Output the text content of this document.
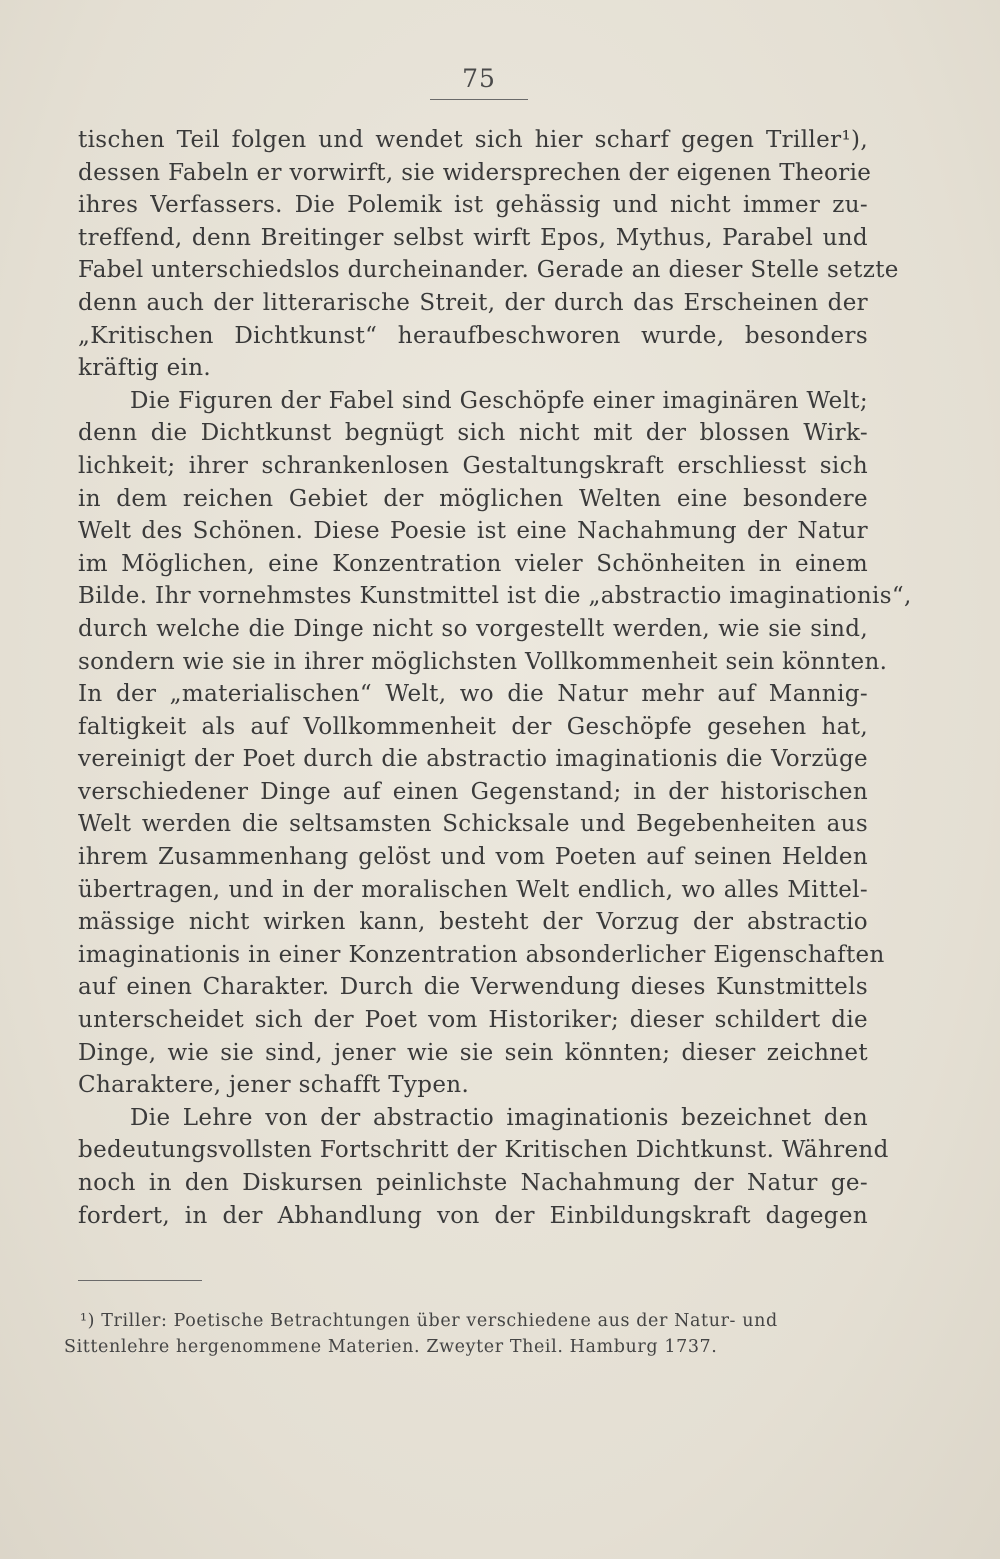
75
tischen Teil folgen und wendet sich hier scharf gegen Triller¹),
dessen Fabeln er vorwirft, sie widersprechen der eigenen Theorie
ihres Verfassers. Die Polemik ist gehässig und nicht immer zu-
treffend, denn Breitinger selbst wirft Epos, Mythus, Parabel und
Fabel unterschiedslos durcheinander. Gerade an dieser Stelle setzte
denn auch der litterarische Streit, der durch das Erscheinen der
„Kritischen Dichtkunst“ heraufbeschworen wurde, besonders
kräftig ein.
Die Figuren der Fabel sind Geschöpfe einer imaginären Welt;
denn die Dichtkunst begnügt sich nicht mit der blossen Wirk-
lichkeit; ihrer schrankenlosen Gestaltungskraft erschliesst sich
in dem reichen Gebiet der möglichen Welten eine besondere
Welt des Schönen. Diese Poesie ist eine Nachahmung der Natur
im Möglichen, eine Konzentration vieler Schönheiten in einem
Bilde. Ihr vornehmstes Kunstmittel ist die „abstractio imaginationis“,
durch welche die Dinge nicht so vorgestellt werden, wie sie sind,
sondern wie sie in ihrer möglichsten Vollkommenheit sein könnten.
In der „materialischen“ Welt, wo die Natur mehr auf Mannig-
faltigkeit als auf Vollkommenheit der Geschöpfe gesehen hat,
vereinigt der Poet durch die abstractio imaginationis die Vorzüge
verschiedener Dinge auf einen Gegenstand; in der historischen
Welt werden die seltsamsten Schicksale und Begebenheiten aus
ihrem Zusammenhang gelöst und vom Poeten auf seinen Helden
übertragen, und in der moralischen Welt endlich, wo alles Mittel-
mässige nicht wirken kann, besteht der Vorzug der abstractio
imaginationis in einer Konzentration absonderlicher Eigenschaften
auf einen Charakter. Durch die Verwendung dieses Kunstmittels
unterscheidet sich der Poet vom Historiker; dieser schildert die
Dinge, wie sie sind, jener wie sie sein könnten; dieser zeichnet
Charaktere, jener schafft Typen.
Die Lehre von der abstractio imaginationis bezeichnet den
bedeutungsvollsten Fortschritt der Kritischen Dichtkunst. Während
noch in den Diskursen peinlichste Nachahmung der Natur ge-
fordert, in der Abhandlung von der Einbildungskraft dagegen
¹) Triller: Poetische Betrachtungen über verschiedene aus der Natur- und
Sittenlehre hergenommene Materien. Zweyter Theil. Hamburg 1737.
